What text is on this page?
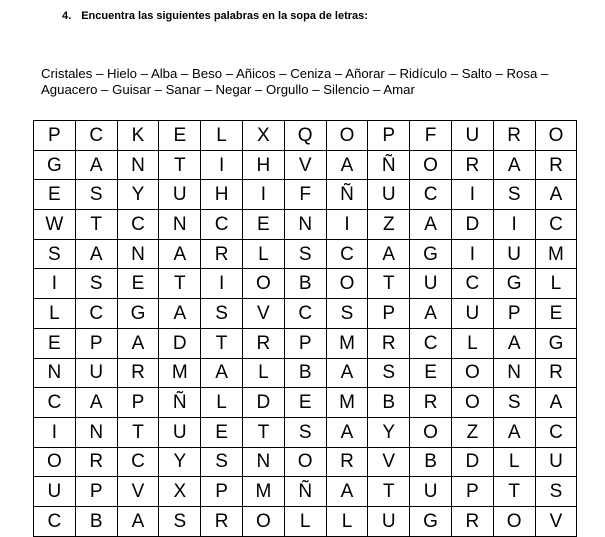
4. Encuentra las siguientes palabras en la sopa de letras:
Cristales – Hielo – Alba – Beso – Añicos – Ceniza – Añorar – Ridículo – Salto – Rosa –
Aguacero – Guisar – Sanar – Negar – Orgullo – Silencio – Amar
P	C	K	E	L	X	Q	O	P	F	U	R	O
G	A	N	T	I	H	V	A	Ñ	O	R	A	R
E	S	Y	U	H	I	F	Ñ	U	C	I	S	A
W	T	C	N	C	E	N	I	Z	A	D	I	C
S	A	N	A	R	L	S	C	A	G	I	U	M
I	S	E	T	I	O	B	O	T	U	C	G	L
L	C	G	A	S	V	C	S	P	A	U	P	E
E	P	A	D	T	R	P	M	R	C	L	A	G
N	U	R	M	A	L	B	A	S	E	O	N	R
C	A	P	Ñ	L	D	E	M	B	R	O	S	A
I	N	T	U	E	T	S	A	Y	O	Z	A	C
O	R	C	Y	S	N	O	R	V	B	D	L	U
U	P	V	X	P	M	Ñ	A	T	U	P	T	S
C	B	A	S	R	O	L	L	U	G	R	O	V
